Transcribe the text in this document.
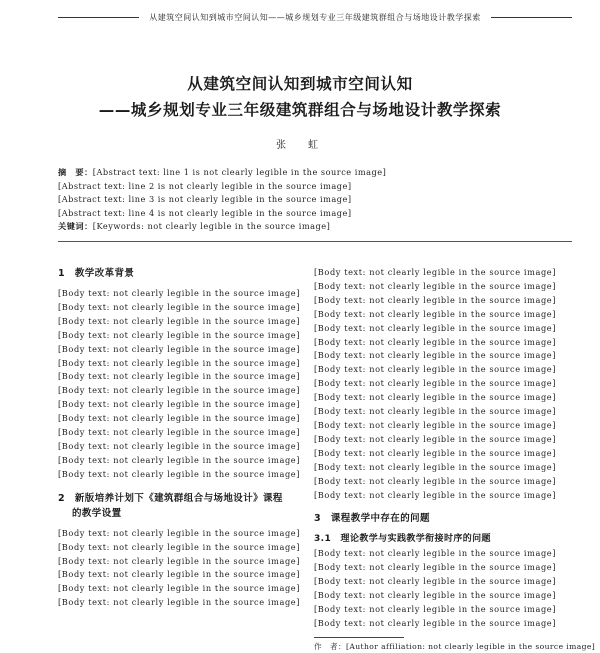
从建筑空间认知到城市空间认知——城乡规划专业三年级建筑群组合与场地设计教学探索
从建筑空间认知到城市空间认知
——城乡规划专业三年级建筑群组合与场地设计教学探索
张　虹
摘　要：[Abstract text: line 1 is not clearly legible in the source image]
[Abstract text: line 2 is not clearly legible in the source image]
[Abstract text: line 3 is not clearly legible in the source image]
[Abstract text: line 4 is not clearly legible in the source image]
关键词：[Keywords: not clearly legible in the source image]
1　教学改革背景
[Body text: not clearly legible in the source image]
[Body text: not clearly legible in the source image]
[Body text: not clearly legible in the source image]
[Body text: not clearly legible in the source image]
[Body text: not clearly legible in the source image]
[Body text: not clearly legible in the source image]
[Body text: not clearly legible in the source image]
[Body text: not clearly legible in the source image]
[Body text: not clearly legible in the source image]
[Body text: not clearly legible in the source image]
[Body text: not clearly legible in the source image]
[Body text: not clearly legible in the source image]
[Body text: not clearly legible in the source image]
[Body text: not clearly legible in the source image]
2　新版培养计划下《建筑群组合与场地设计》课程
的教学设置
[Body text: not clearly legible in the source image]
[Body text: not clearly legible in the source image]
[Body text: not clearly legible in the source image]
[Body text: not clearly legible in the source image]
[Body text: not clearly legible in the source image]
[Body text: not clearly legible in the source image]
[Body text: not clearly legible in the source image]
[Body text: not clearly legible in the source image]
[Body text: not clearly legible in the source image]
[Body text: not clearly legible in the source image]
[Body text: not clearly legible in the source image]
[Body text: not clearly legible in the source image]
[Body text: not clearly legible in the source image]
[Body text: not clearly legible in the source image]
[Body text: not clearly legible in the source image]
[Body text: not clearly legible in the source image]
[Body text: not clearly legible in the source image]
[Body text: not clearly legible in the source image]
[Body text: not clearly legible in the source image]
[Body text: not clearly legible in the source image]
[Body text: not clearly legible in the source image]
[Body text: not clearly legible in the source image]
[Body text: not clearly legible in the source image]
3　课程教学中存在的问题
3.1　理论教学与实践教学衔接时序的问题
[Body text: not clearly legible in the source image]
[Body text: not clearly legible in the source image]
[Body text: not clearly legible in the source image]
[Body text: not clearly legible in the source image]
[Body text: not clearly legible in the source image]
[Body text: not clearly legible in the source image]
作　者：[Author affiliation: not clearly legible in the source image]
